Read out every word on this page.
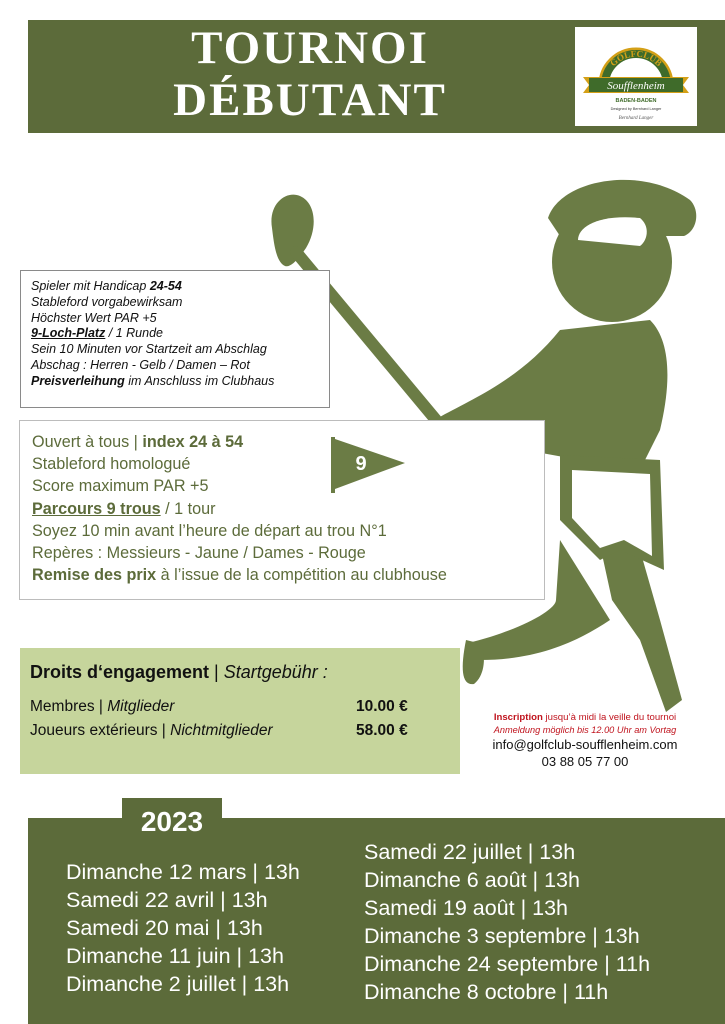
TOURNOI
DÉBUTANT
GOLFCLUB
Soufflenheim
BADEN-BADEN
Designed by Bernhard Langer
Bernhard Langer
Spieler mit Handicap 24-54
Stableford vorgabewirksam
Höchster Wert PAR +5
9-Loch-Platz / 1 Runde
Sein 10 Minuten vor Startzeit am Abschlag
Abschag : Herren - Gelb / Damen – Rot
Preisverleihung im Anschluss im Clubhaus
Ouvert à tous | index 24 à 54
Stableford homologué
Score maximum PAR +5
Parcours 9 trous / 1 tour
Soyez 10 min avant l’heure de départ au trou N°1
Repères : Messieurs - Jaune / Dames - Rouge
Remise des prix à l’issue de la compétition au clubhouse
9
Droits d‘engagement | Startgebühr :
Membres | Mitglieder	10.00 €
Joueurs extérieurs | Nichtmitglieder	58.00 €
Inscription jusqu’à midi la veille du tournoi
Anmeldung möglich bis 12.00 Uhr am Vortag
info@golfclub-soufflenheim.com
03 88 05 77 00
2023
Dimanche 12 mars | 13h
Samedi 22 avril | 13h
Samedi 20 mai | 13h
Dimanche 11 juin | 13h
Dimanche 2 juillet | 13h
Samedi 22 juillet | 13h
Dimanche 6 août | 13h
Samedi 19 août | 13h
Dimanche 3 septembre | 13h
Dimanche 24 septembre | 11h
Dimanche 8 octobre | 11h
